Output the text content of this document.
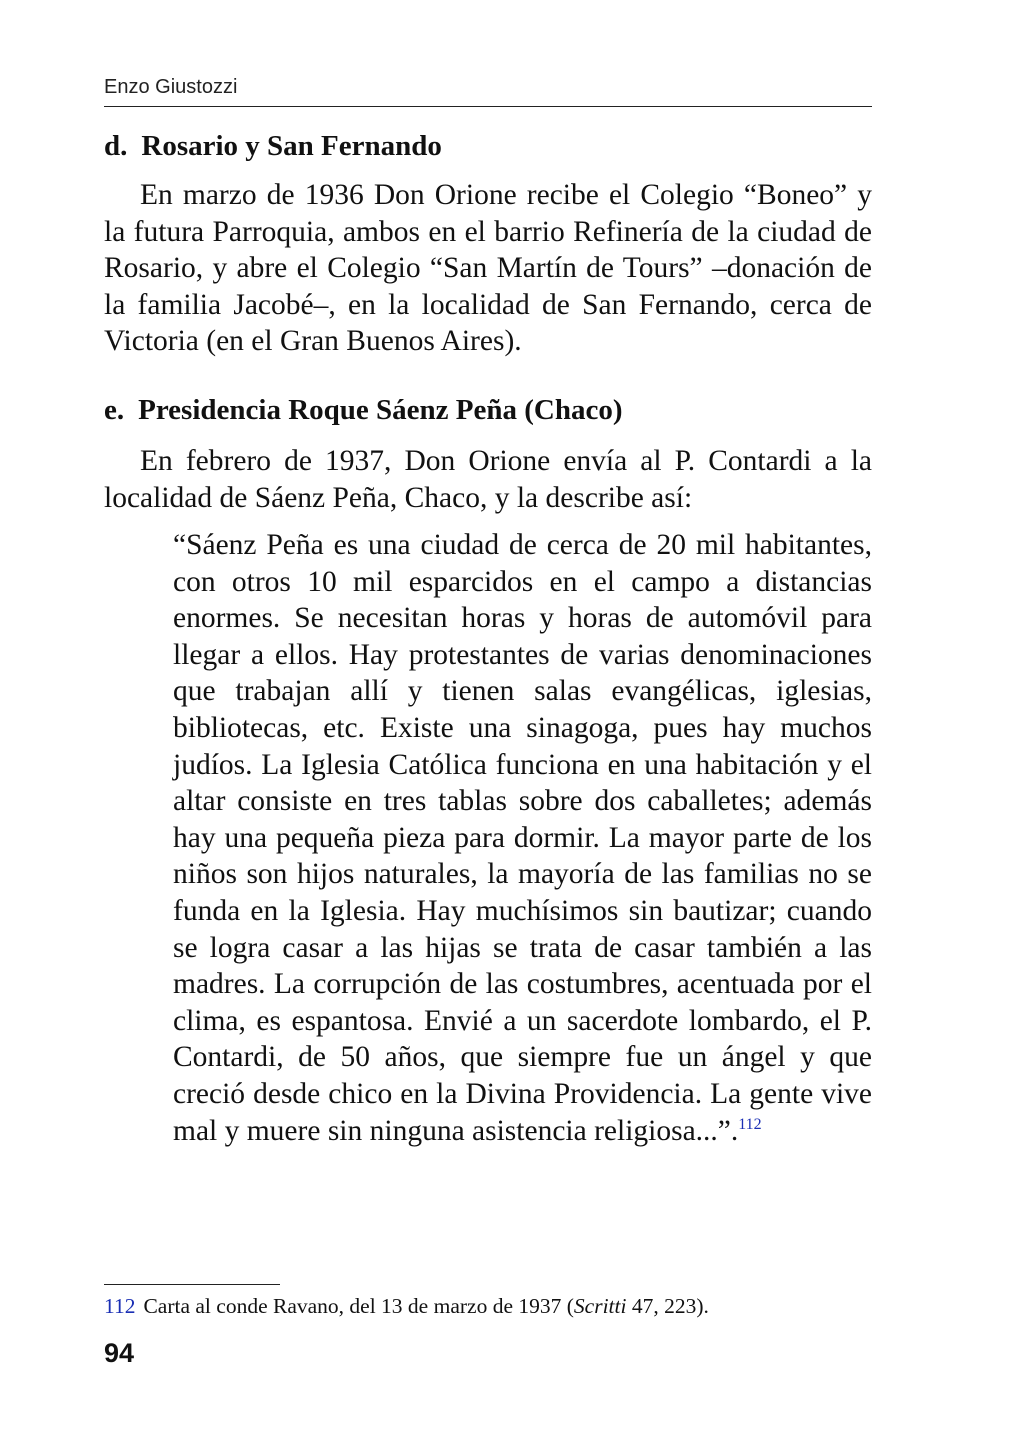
Enzo Giustozzi
d. Rosario y San Fernando

En marzo de 1936 Don Orione recibe el Colegio “Boneo” y la futura Parroquia, ambos en el barrio Refinería de la ciudad de Rosario, y abre el Colegio “San Martín de Tours” –donación de la familia Jacobé–, en la localidad de San Fernando, cerca de Victoria (en el Gran Buenos Aires).

e. Presidencia Roque Sáenz Peña (Chaco)

En febrero de 1937, Don Orione envía al P. Contardi a la localidad de Sáenz Peña, Chaco, y la describe así:

“Sáenz Peña es una ciudad de cerca de 20 mil habitantes, con otros 10 mil esparcidos en el campo a distancias enormes. Se necesitan horas y horas de automóvil para llegar a ellos. Hay protestantes de varias denominaciones que trabajan allí y tienen salas evangélicas, iglesias, bibliotecas, etc. Existe una sinagoga, pues hay muchos judíos. La Iglesia Católica funciona en una habitación y el altar consiste en tres tablas sobre dos caballetes; además hay una pequeña pieza para dormir. La mayor parte de los niños son hijos naturales, la mayoría de las familias no se funda en la Iglesia. Hay muchísimos sin bautizar; cuando se logra casar a las hijas se trata de casar también a las madres. La corrupción de las costumbres, acentuada por el clima, es espantosa. Envié a un sacerdote lombardo, el P. Contardi, de 50 años, que siempre fue un ángel y que creció desde chico en la Divina Providencia. La gente vive mal y muere sin ninguna asistencia religiosa...”.$^{112}$

112 Carta al conde Ravano, del 13 de marzo de 1937 (Scritti 47, 223).

94
